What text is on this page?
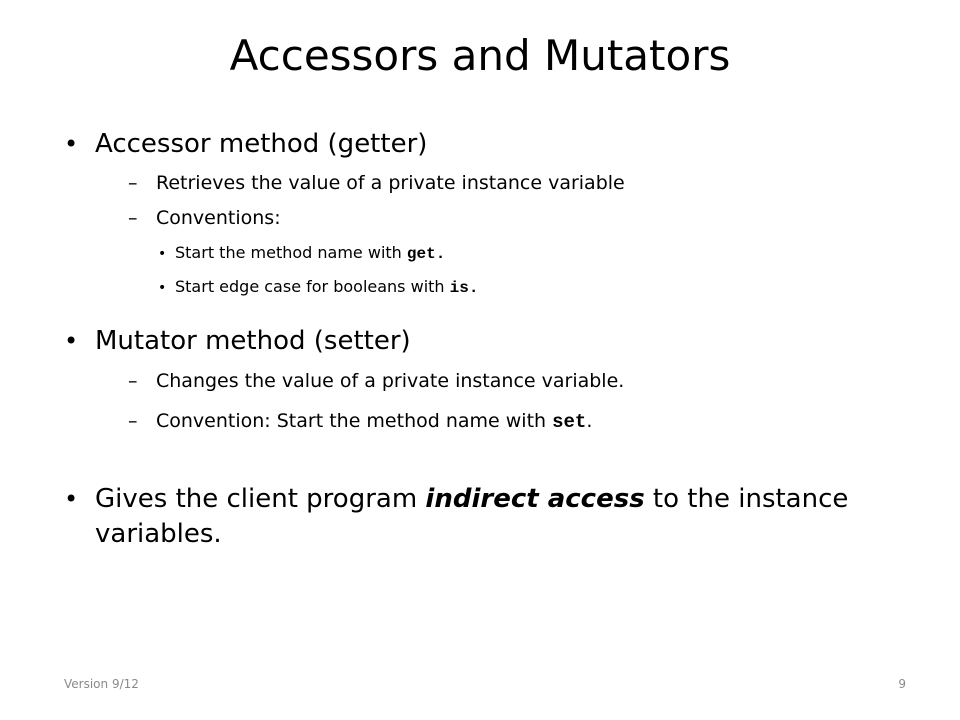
Accessors and Mutators
• Accessor method (getter)
– Retrieves the value of a private instance variable
– Conventions:
• Start the method name with get.
• Start edge case for booleans with is.
• Mutator method (setter)
– Changes the value of a private instance variable.
– Convention: Start the method name with set.
• Gives the client program indirect access to the instance variables.
Version 9/12	9
